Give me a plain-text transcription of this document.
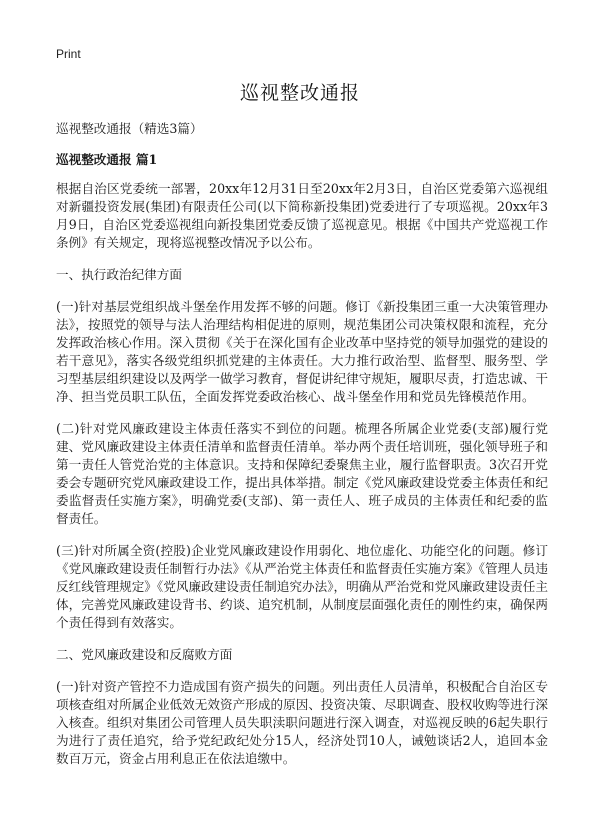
Print
巡视整改通报
巡视整改通报（精选3篇）
巡视整改通报 篇1
根据自治区党委统一部署，20xx年12月31日至20xx年2月3日，自治区党委第六巡视组对新疆投资发展(集团)有限责任公司(以下简称新投集团)党委进行了专项巡视。20xx年3月9日，自治区党委巡视组向新投集团党委反馈了巡视意见。根据《中国共产党巡视工作条例》有关规定，现将巡视整改情况予以公布。
一、执行政治纪律方面
(一)针对基层党组织战斗堡垒作用发挥不够的问题。修订《新投集团三重一大决策管理办法》，按照党的领导与法人治理结构相促进的原则，规范集团公司决策权限和流程，充分发挥政治核心作用。深入贯彻《关于在深化国有企业改革中坚持党的领导加强党的建设的若干意见》，落实各级党组织抓党建的主体责任。大力推行政治型、监督型、服务型、学习型基层组织建设以及两学一做学习教育，督促讲纪律守规矩，履职尽责，打造忠诚、干净、担当党员职工队伍，全面发挥党委政治核心、战斗堡垒作用和党员先锋模范作用。
(二)针对党风廉政建设主体责任落实不到位的问题。梳理各所属企业党委(支部)履行党建、党风廉政建设主体责任清单和监督责任清单。举办两个责任培训班，强化领导班子和第一责任人管党治党的主体意识。支持和保障纪委聚焦主业，履行监督职责。3次召开党委会专题研究党风廉政建设工作，提出具体举措。制定《党风廉政建设党委主体责任和纪委监督责任实施方案》，明确党委(支部)、第一责任人、班子成员的主体责任和纪委的监督责任。
(三)针对所属全资(控股)企业党风廉政建设作用弱化、地位虚化、功能空化的问题。修订《党风廉政建设责任制暂行办法》《从严治党主体责任和监督责任实施方案》《管理人员违反红线管理规定》《党风廉政建设责任制追究办法》，明确从严治党和党风廉政建设责任主体，完善党风廉政建设背书、约谈、追究机制，从制度层面强化责任的刚性约束，确保两个责任得到有效落实。
二、党风廉政建设和反腐败方面
(一)针对资产管控不力造成国有资产损失的问题。列出责任人员清单，积极配合自治区专项核查组对所属企业低效无效资产形成的原因、投资决策、尽职调查、股权收购等进行深入核查。组织对集团公司管理人员失职渎职问题进行深入调查，对巡视反映的6起失职行为进行了责任追究，给予党纪政纪处分15人，经济处罚10人，诫勉谈话2人，追回本金数百万元，资金占用利息正在依法追缴中。
